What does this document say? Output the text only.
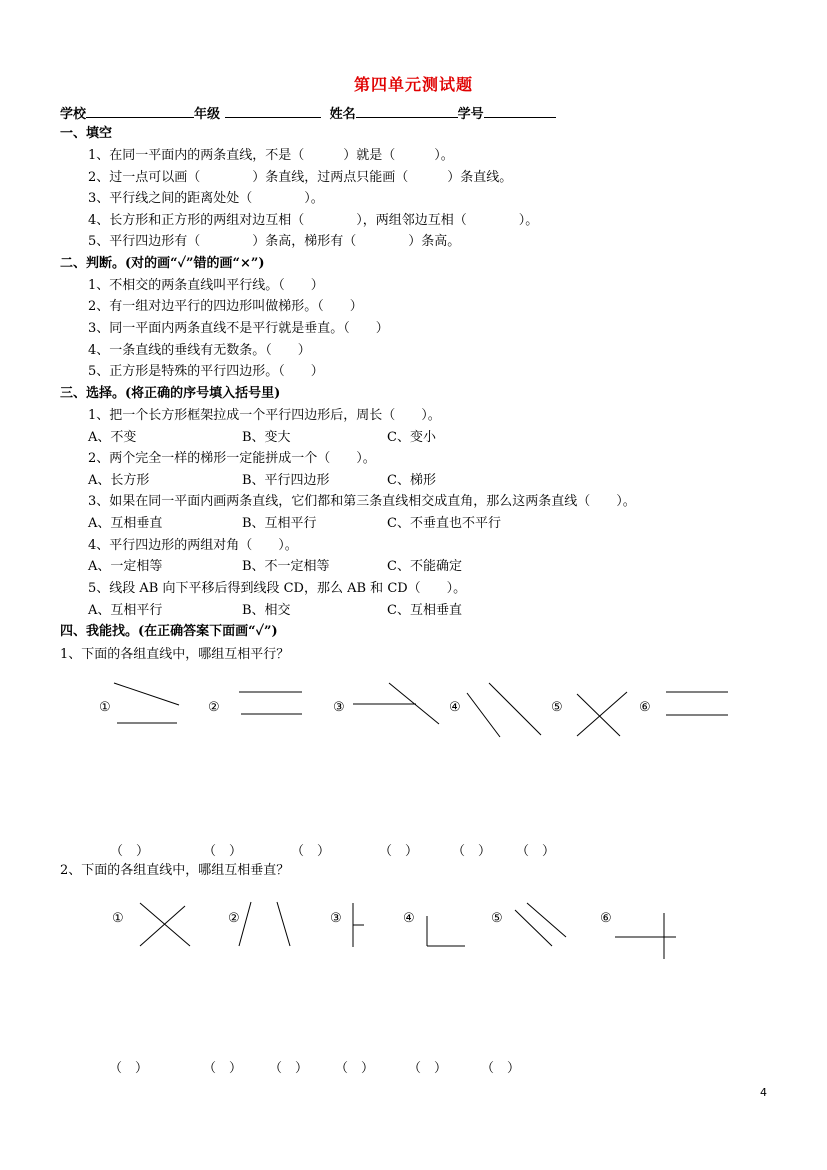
第四单元测试题
学校	年级	姓名	学号
一、填空
1、在同一平面内的两条直线，不是（　　　）就是（　　　）。
2、过一点可以画（　　　　）条直线，过两点只能画（　　　）条直线。
3、平行线之间的距离处处（　　　　）。
4、长方形和正方形的两组对边互相（　　　　），两组邻边互相（　　　　）。
5、平行四边形有（　　　　）条高，梯形有（　　　　）条高。
二、判断。(对的画“✓”错的画“×”)
1、不相交的两条直线叫平行线。（　　）
2、有一组对边平行的四边形叫做梯形。（　　）
3、同一平面内两条直线不是平行就是垂直。（　　）
4、一条直线的垂线有无数条。（　　）
5、正方形是特殊的平行四边形。（　　）
三、选择。(将正确的序号填入括号里)
1、把一个长方形框架拉成一个平行四边形后，周长（　　）。
A、不变	B、变大	C、变小
2、两个完全一样的梯形一定能拼成一个（　　）。
A、长方形	B、平行四边形	C、梯形
3、如果在同一平面内画两条直线，它们都和第三条直线相交成直角，那么这两条直线（　　）。
A、互相垂直	B、互相平行	C、不垂直也不平行
4、平行四边形的两组对角（　　）。
A、一定相等	B、不一定相等	C、不能确定
5、线段 AB 向下平移后得到线段 CD，那么 AB 和 CD（　　）。
A、互相平行	B、相交	C、互相垂直
四、我能找。(在正确答案下面画“✓”)
1、下面的各组直线中，哪组互相平行？
①	②	③	④	⑤	⑥
（　）	（　）	（　）	（　）	（　） （　）
2、下面的各组直线中，哪组互相垂直？
①	②	③	④	⑤	⑥
（　）	（　） （　） （　）	（　）	（　）
4
